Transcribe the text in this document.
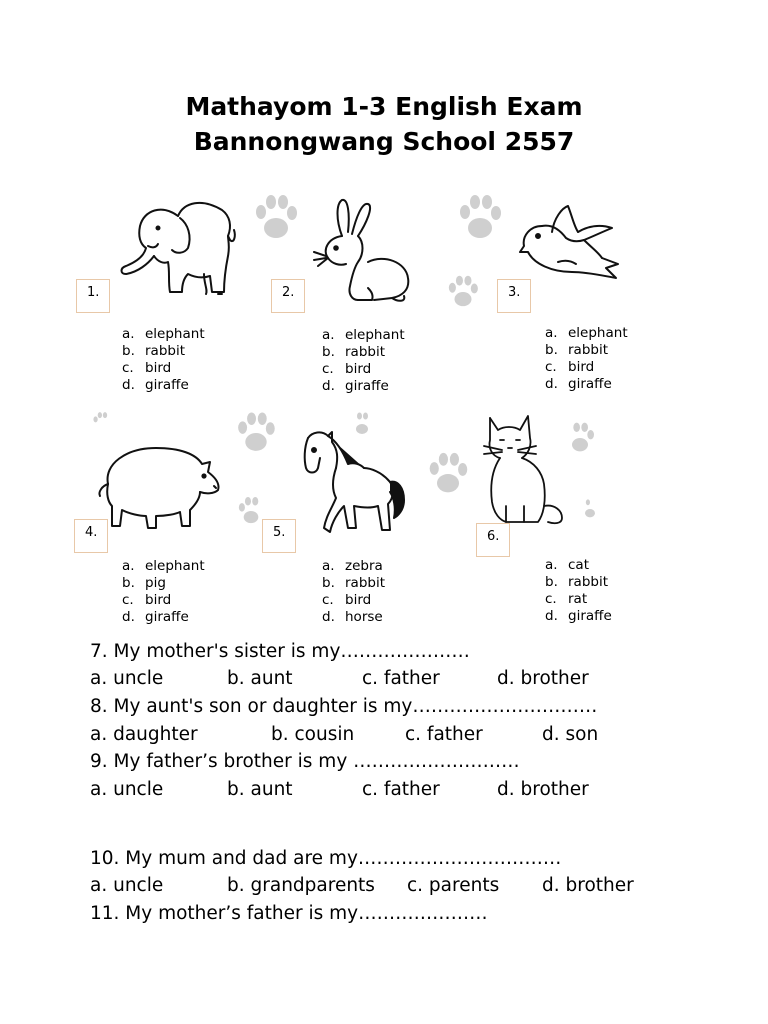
Mathayom 1-3 English Exam
Bannongwang School 2557
1.
a. elephant
b. rabbit
c. bird
d. giraffe
2.
a. elephant
b. rabbit
c. bird
d. giraffe
3.
a. elephant
b. rabbit
c. bird
d. giraffe
4.
a. elephant
b. pig
c. bird
d. giraffe
5.
a. zebra
b. rabbit
c. bird
d. horse
6.
a. cat
b. rabbit
c. rat
d. giraffe
7. My mother's sister is my…………………
a. uncle	b. aunt	c. father	d. brother
8. My aunt's son or daughter is my…………………………
a. daughter	b. cousin	c. father	d. son
9. My father’s brother is my ………………………
a. uncle	b. aunt	c. father	d. brother
10. My mum and dad are my……………………………
a. uncle	b. grandparents c. parents d. brother
11. My mother’s father is my…………………
